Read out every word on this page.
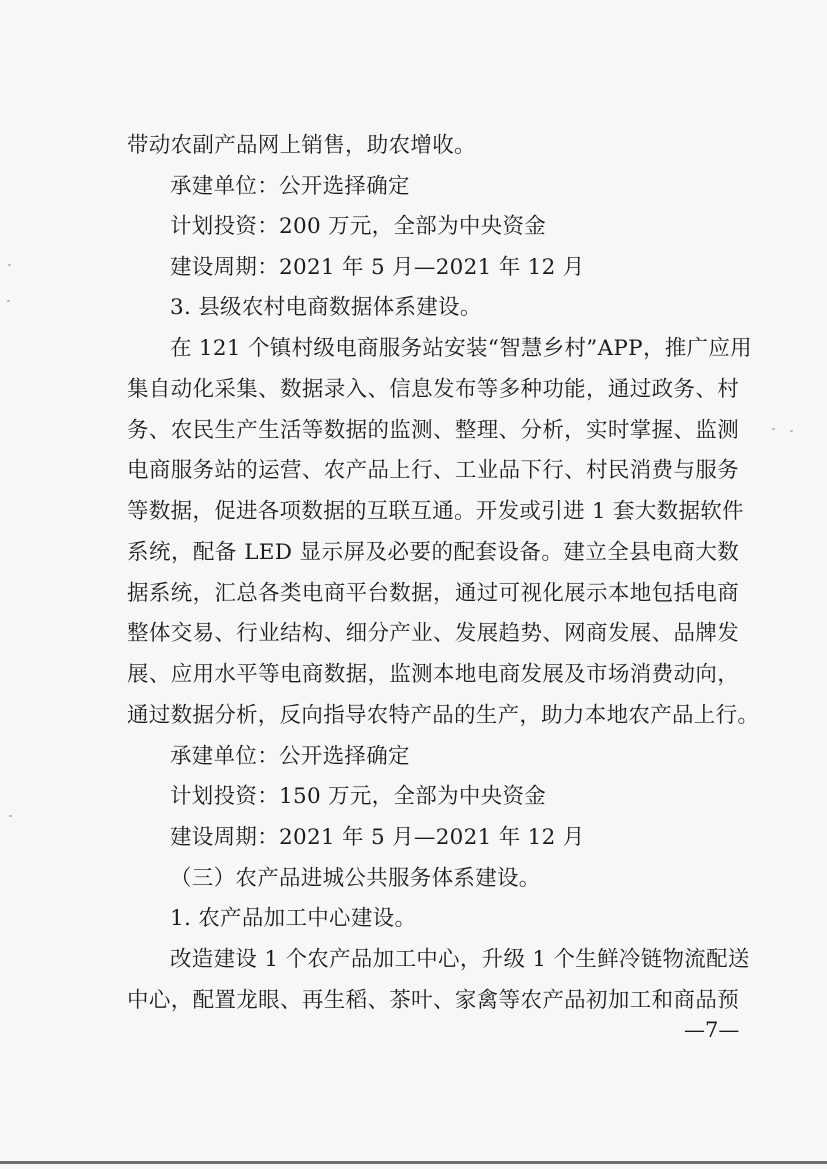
带动农副产品网上销售，助农增收。
承建单位：公开选择确定
计划投资：200 万元，全部为中央资金
建设周期：2021 年 5 月—2021 年 12 月
3. 县级农村电商数据体系建设。
在 121 个镇村级电商服务站安装“智慧乡村”APP，推广应用
集自动化采集、数据录入、信息发布等多种功能，通过政务、村
务、农民生产生活等数据的监测、整理、分析，实时掌握、监测
电商服务站的运营、农产品上行、工业品下行、村民消费与服务
等数据，促进各项数据的互联互通。开发或引进 1 套大数据软件
系统，配备 LED 显示屏及必要的配套设备。建立全县电商大数
据系统，汇总各类电商平台数据，通过可视化展示本地包括电商
整体交易、行业结构、细分产业、发展趋势、网商发展、品牌发
展、应用水平等电商数据，监测本地电商发展及市场消费动向，
通过数据分析，反向指导农特产品的生产，助力本地农产品上行。
承建单位：公开选择确定
计划投资：150 万元，全部为中央资金
建设周期：2021 年 5 月—2021 年 12 月
（三）农产品进城公共服务体系建设。
1. 农产品加工中心建设。
改造建设 1 个农产品加工中心，升级 1 个生鲜冷链物流配送
中心，配置龙眼、再生稻、茶叶、家禽等农产品初加工和商品预
—7—
